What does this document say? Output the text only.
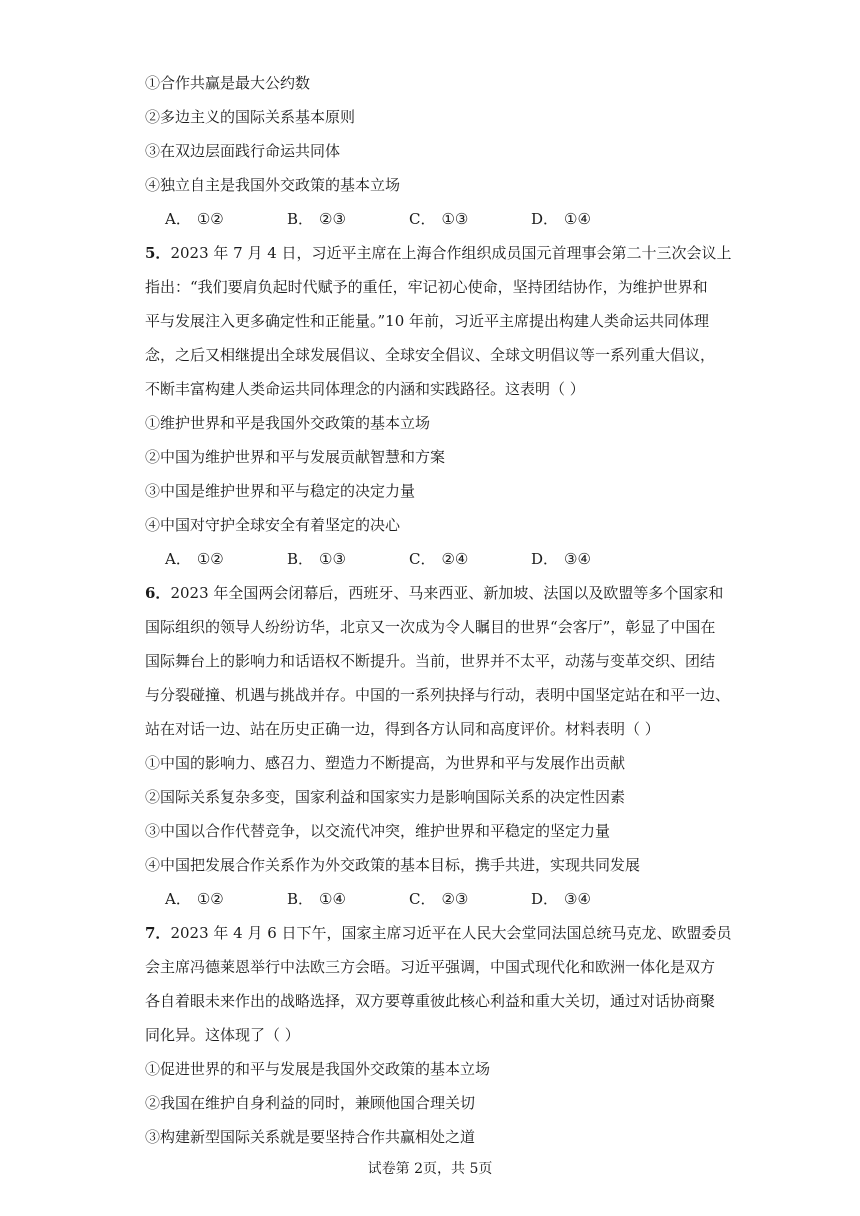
①合作共赢是最大公约数
②多边主义的国际关系基本原则
③在双边层面践行命运共同体
④独立自主是我国外交政策的基本立场
A． ①②	B． ②③	C． ①③	D． ①④
5．2023 年 7 月 4 日，习近平主席在上海合作组织成员国元首理事会第二十三次会议上
指出：“我们要肩负起时代赋予的重任，牢记初心使命，坚持团结协作，为维护世界和
平与发展注入更多确定性和正能量。”10 年前，习近平主席提出构建人类命运共同体理
念，之后又相继提出全球发展倡议、全球安全倡议、全球文明倡议等一系列重大倡议，
不断丰富构建人类命运共同体理念的内涵和实践路径。这表明（ ）
①维护世界和平是我国外交政策的基本立场
②中国为维护世界和平与发展贡献智慧和方案
③中国是维护世界和平与稳定的决定力量
④中国对守护全球安全有着坚定的决心
A． ①②	B． ①③	C． ②④	D． ③④
6．2023 年全国两会闭幕后，西班牙、马来西亚、新加坡、法国以及欧盟等多个国家和
国际组织的领导人纷纷访华，北京又一次成为令人瞩目的世界“会客厅”，彰显了中国在
国际舞台上的影响力和话语权不断提升。当前，世界并不太平，动荡与变革交织、团结
与分裂碰撞、机遇与挑战并存。中国的一系列抉择与行动，表明中国坚定站在和平一边、
站在对话一边、站在历史正确一边，得到各方认同和高度评价。材料表明（ ）
①中国的影响力、感召力、塑造力不断提高，为世界和平与发展作出贡献
②国际关系复杂多变，国家利益和国家实力是影响国际关系的决定性因素
③中国以合作代替竞争，以交流代冲突，维护世界和平稳定的坚定力量
④中国把发展合作关系作为外交政策的基本目标，携手共进，实现共同发展
A． ①②	B． ①④	C． ②③	D． ③④
7．2023 年 4 月 6 日下午，国家主席习近平在人民大会堂同法国总统马克龙、欧盟委员
会主席冯德莱恩举行中法欧三方会晤。习近平强调，中国式现代化和欧洲一体化是双方
各自着眼未来作出的战略选择，双方要尊重彼此核心利益和重大关切，通过对话协商聚
同化异。这体现了（ ）
①促进世界的和平与发展是我国外交政策的基本立场
②我国在维护自身利益的同时，兼顾他国合理关切
③构建新型国际关系就是要坚持合作共赢相处之道
试卷第 2页，共 5页
